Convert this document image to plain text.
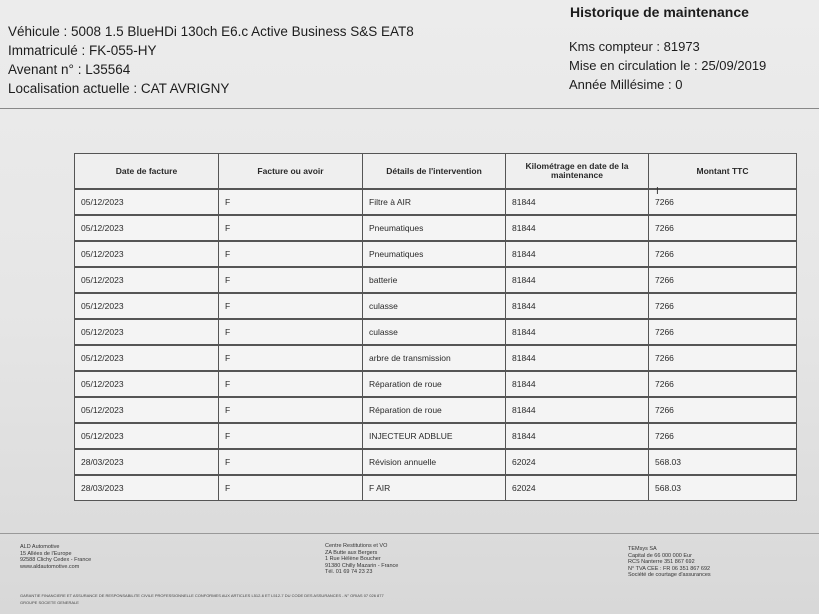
Véhicule : 5008 1.5 BlueHDi 130ch E6.c Active Business S&S EAT8
Immatriculé : FK-055-HY
Avenant n° : L35564
Localisation actuelle : CAT AVRIGNY
Historique de maintenance
Kms compteur : 81973
Mise en circulation le : 25/09/2019
Année Millésime : 0
Date de facture	Facture ou avoir	Détails de l'intervention	Kilométrage en date de la maintenance	Montant TTC
05/12/2023	F	Filtre à AIR	81844	7266
05/12/2023	F	Pneumatiques	81844	7266
05/12/2023	F	Pneumatiques	81844	7266
05/12/2023	F	batterie	81844	7266
05/12/2023	F	culasse	81844	7266
05/12/2023	F	culasse	81844	7266
05/12/2023	F	arbre de transmission	81844	7266
05/12/2023	F	Réparation de roue	81844	7266
05/12/2023	F	Réparation de roue	81844	7266
05/12/2023	F	INJECTEUR ADBLUE	81844	7266
28/03/2023	F	Révision annuelle	62024	568.03
28/03/2023	F	F AIR	62024	568.03
I
ALD Automotive
15 Allées de l'Europe
92588 Clichy Cedex - France
www.aldautomotive.com
Centre Restitutions et VO
ZA Butte aux Bergers
1 Rue Hélène Boucher
91380 Chilly Mazarin - France
Tél. 01 69 74 23 23
TEMsys SA
Capital de 66 000 000 Eur
RCS Nanterre 351 867 692
N° TVA CEE : FR 06 351 867 692
Société de courtage d'assurances
GARANTIE FINANCIERE ET ASSURANCE DE RESPONSABILITE CIVILE PROFESSIONNELLE CONFORMES AUX ARTICLES L512-6 ET L512-7 DU CODE DES ASSURANCES - N° ORIAS 07 026 877
GROUPE SOCIETE GENERALE
